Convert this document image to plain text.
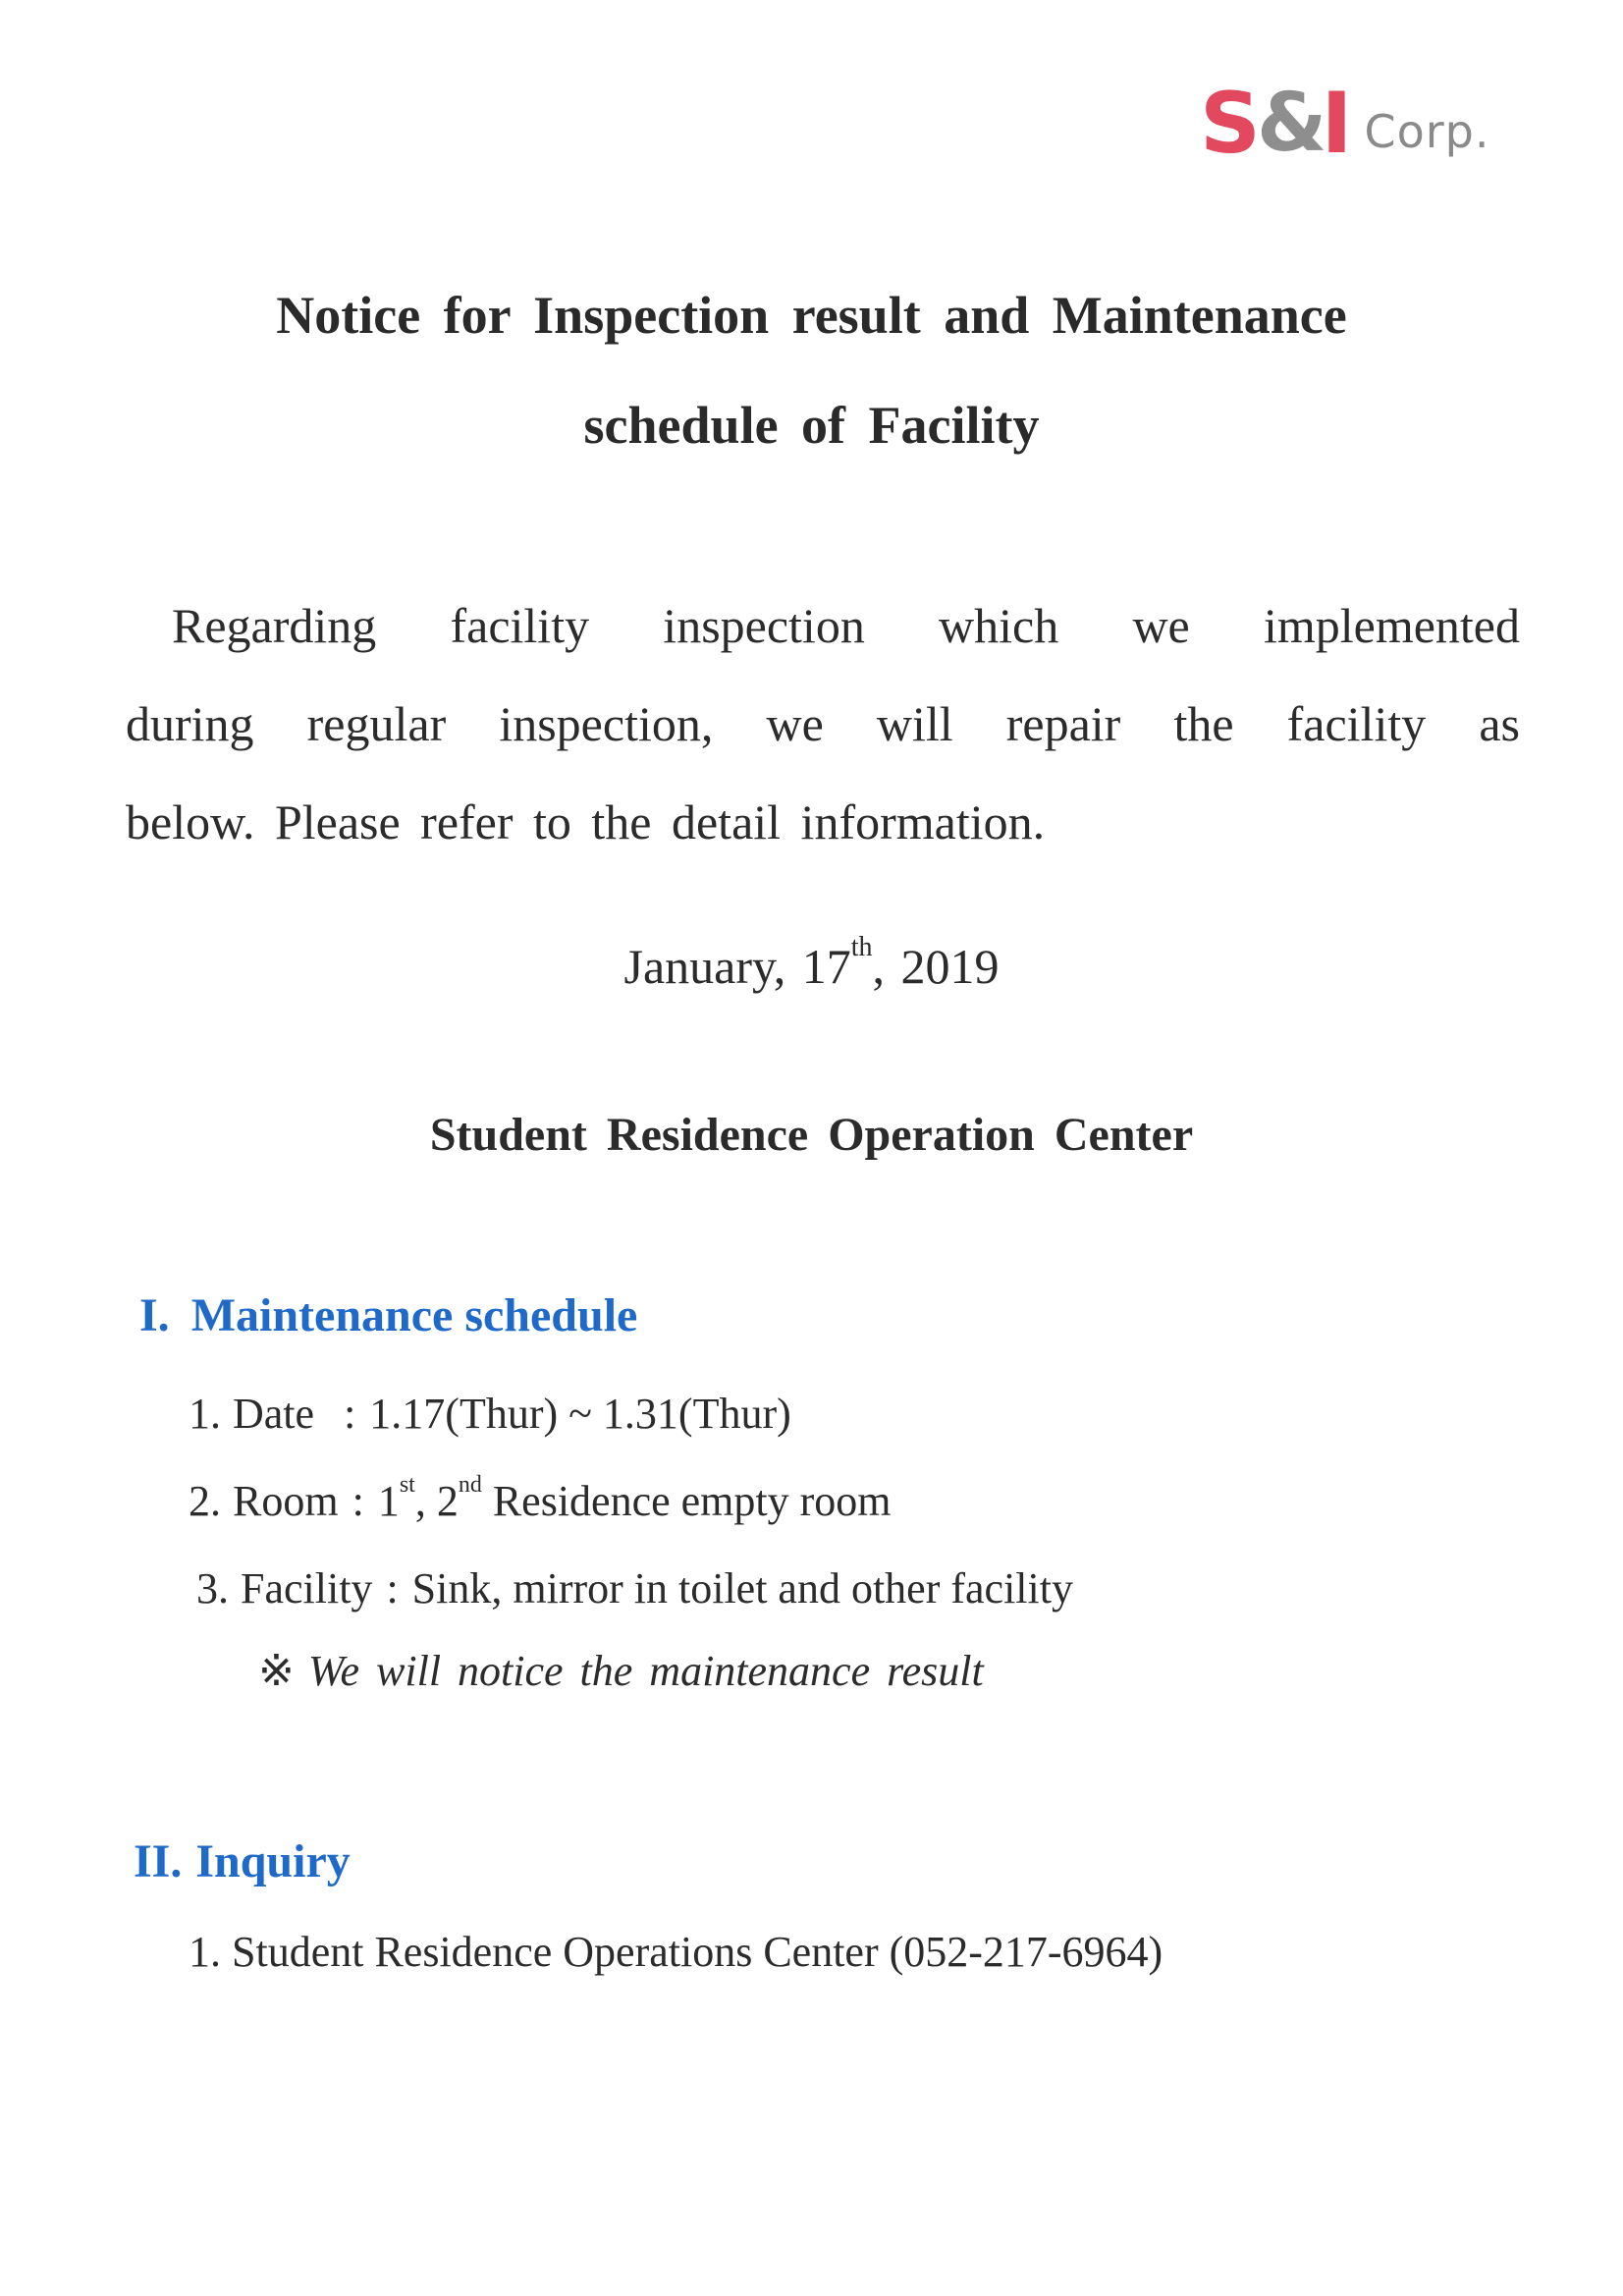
S & I Corp.
Notice for Inspection result and Maintenance
schedule of Facility
Regarding facility inspection which we implemented
during regular inspection, we will repair the facility as
below. Please refer to the detail information.
January, 17th, 2019
Student Residence Operation Center
I. Maintenance schedule
1. Date : 1.17(Thur) ~ 1.31(Thur)
2. Room : 1st, 2nd Residence empty room
3. Facility : Sink, mirror in toilet and other facility
※ We will notice the maintenance result
II. Inquiry
1. Student Residence Operations Center (052-217-6964)
